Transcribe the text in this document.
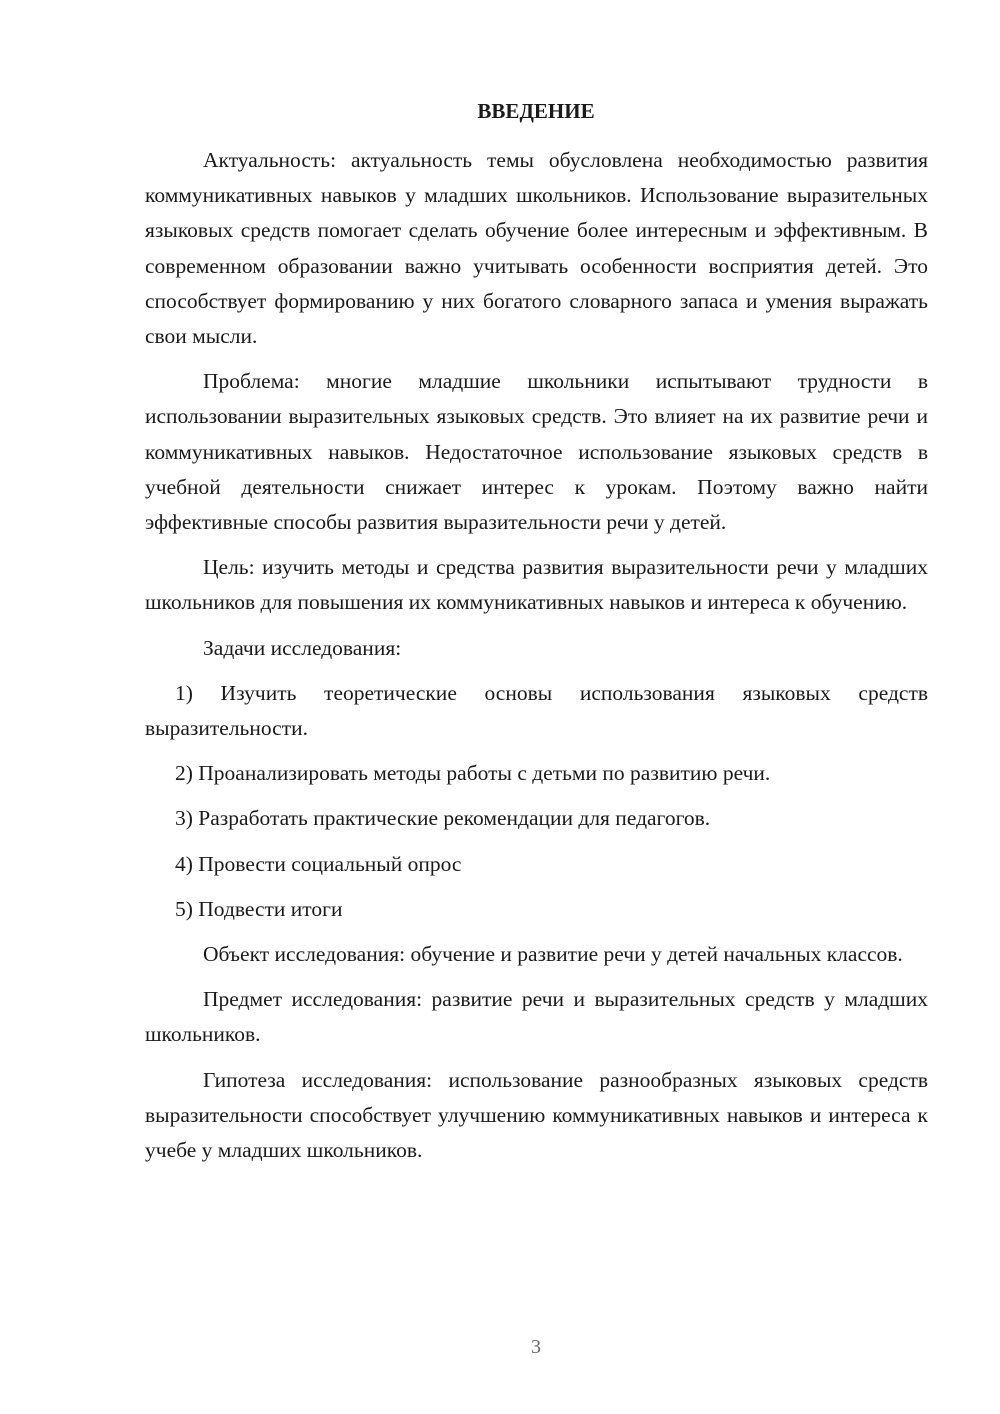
ВВЕДЕНИЕ

Актуальность: актуальность темы обусловлена необходимостью развития коммуникативных навыков у младших школьников. Использование выразительных языковых средств помогает сделать обучение более интересным и эффективным. В современном образовании важно учитывать особенности восприятия детей. Это способствует формированию у них богатого словарного запаса и умения выражать свои мысли.

Проблема: многие младшие школьники испытывают трудности в использовании выразительных языковых средств. Это влияет на их развитие речи и коммуникативных навыков. Недостаточное использование языковых средств в учебной деятельности снижает интерес к урокам. Поэтому важно найти эффективные способы развития выразительности речи у детей.

Цель: изучить методы и средства развития выразительности речи у младших школьников для повышения их коммуникативных навыков и интереса к обучению.

Задачи исследования:

1) Изучить теоретические основы использования языковых средств выразительности.

2) Проанализировать методы работы с детьми по развитию речи.

3) Разработать практические рекомендации для педагогов.

4) Провести социальный опрос

5) Подвести итоги

Объект исследования: обучение и развитие речи у детей начальных классов.

Предмет исследования: развитие речи и выразительных средств у младших школьников.

Гипотеза исследования: использование разнообразных языковых средств выразительности способствует улучшению коммуникативных навыков и интереса к учебе у младших школьников.

3
